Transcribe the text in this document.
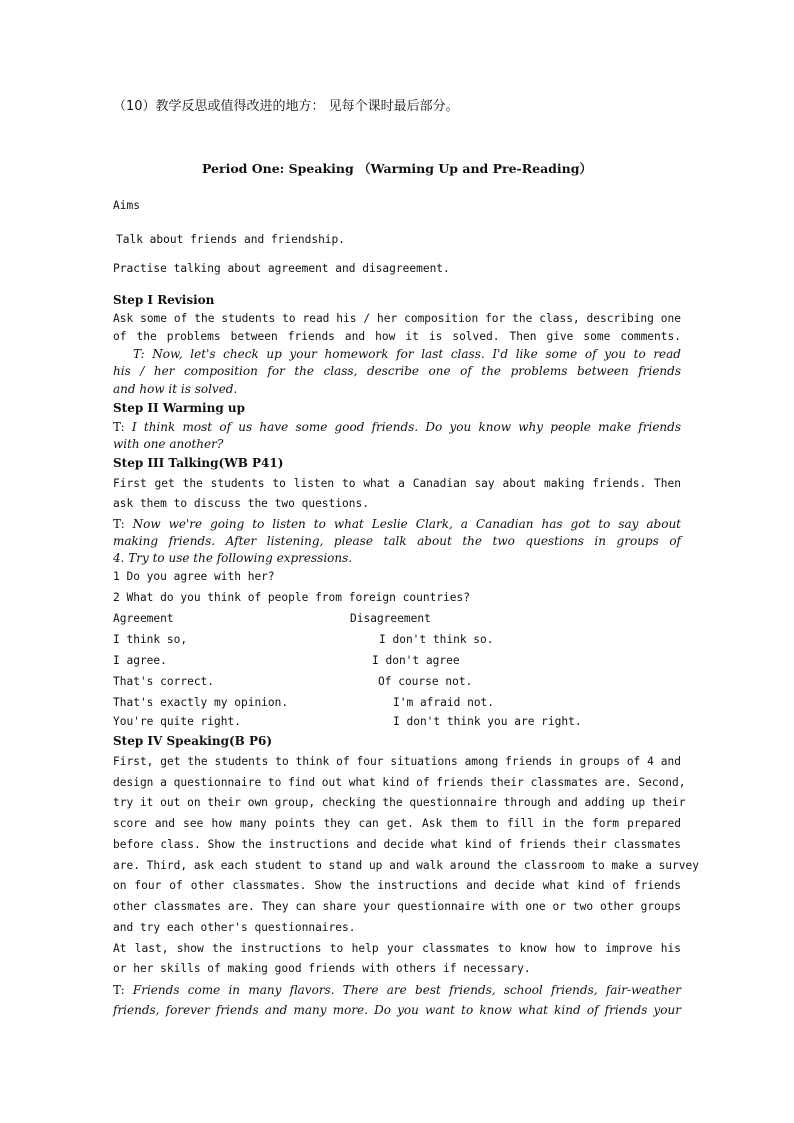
（10）教学反思或值得改进的地方： 见每个课时最后部分。
Period One: Speaking （Warming Up and Pre-Reading）
Aims
Talk about friends and friendship.
Practise talking about agreement and disagreement.
Step I Revision
Ask some of the students to read his / her composition for the class, describing one
of the problems between friends and how it is solved. Then give some comments.
T: Now, let's check up your homework for last class. I'd like some of you to read
his / her composition for the class, describe one of the problems between friends
and how it is solved.
Step II Warming up
T: I think most of us have some good friends. Do you know why people make friends
with one another?
Step III Talking(WB P41)
First get the students to listen to what a Canadian say about making friends. Then
ask them to discuss the two questions.
T: Now we're going to listen to what Leslie Clark, a Canadian has got to say about
making friends. After listening, please talk about the two questions in groups of
4. Try to use the following expressions.
1 Do you agree with her?
2 What do you think of people from foreign countries?
Agreement	Disagreement
I think so,	I don't think so.
I agree.	I don't agree
That's correct.	Of course not.
That's exactly my opinion.	I'm afraid not.
You're quite right.	I don't think you are right.
Step IV Speaking(B P6)
First, get the students to think of four situations among friends in groups of 4 and
design a questionnaire to find out what kind of friends their classmates are. Second,
try it out on their own group, checking the questionnaire through and adding up their
score and see how many points they can get. Ask them to fill in the form prepared
before class. Show the instructions and decide what kind of friends their classmates
are. Third, ask each student to stand up and walk around the classroom to make a survey
on four of other classmates. Show the instructions and decide what kind of friends
other classmates are. They can share your questionnaire with one or two other groups
and try each other's questionnaires.
At last, show the instructions to help your classmates to know how to improve his
or her skills of making good friends with others if necessary.
T: Friends come in many flavors. There are best friends, school friends, fair-weather
friends, forever friends and many more. Do you want to know what kind of friends your
